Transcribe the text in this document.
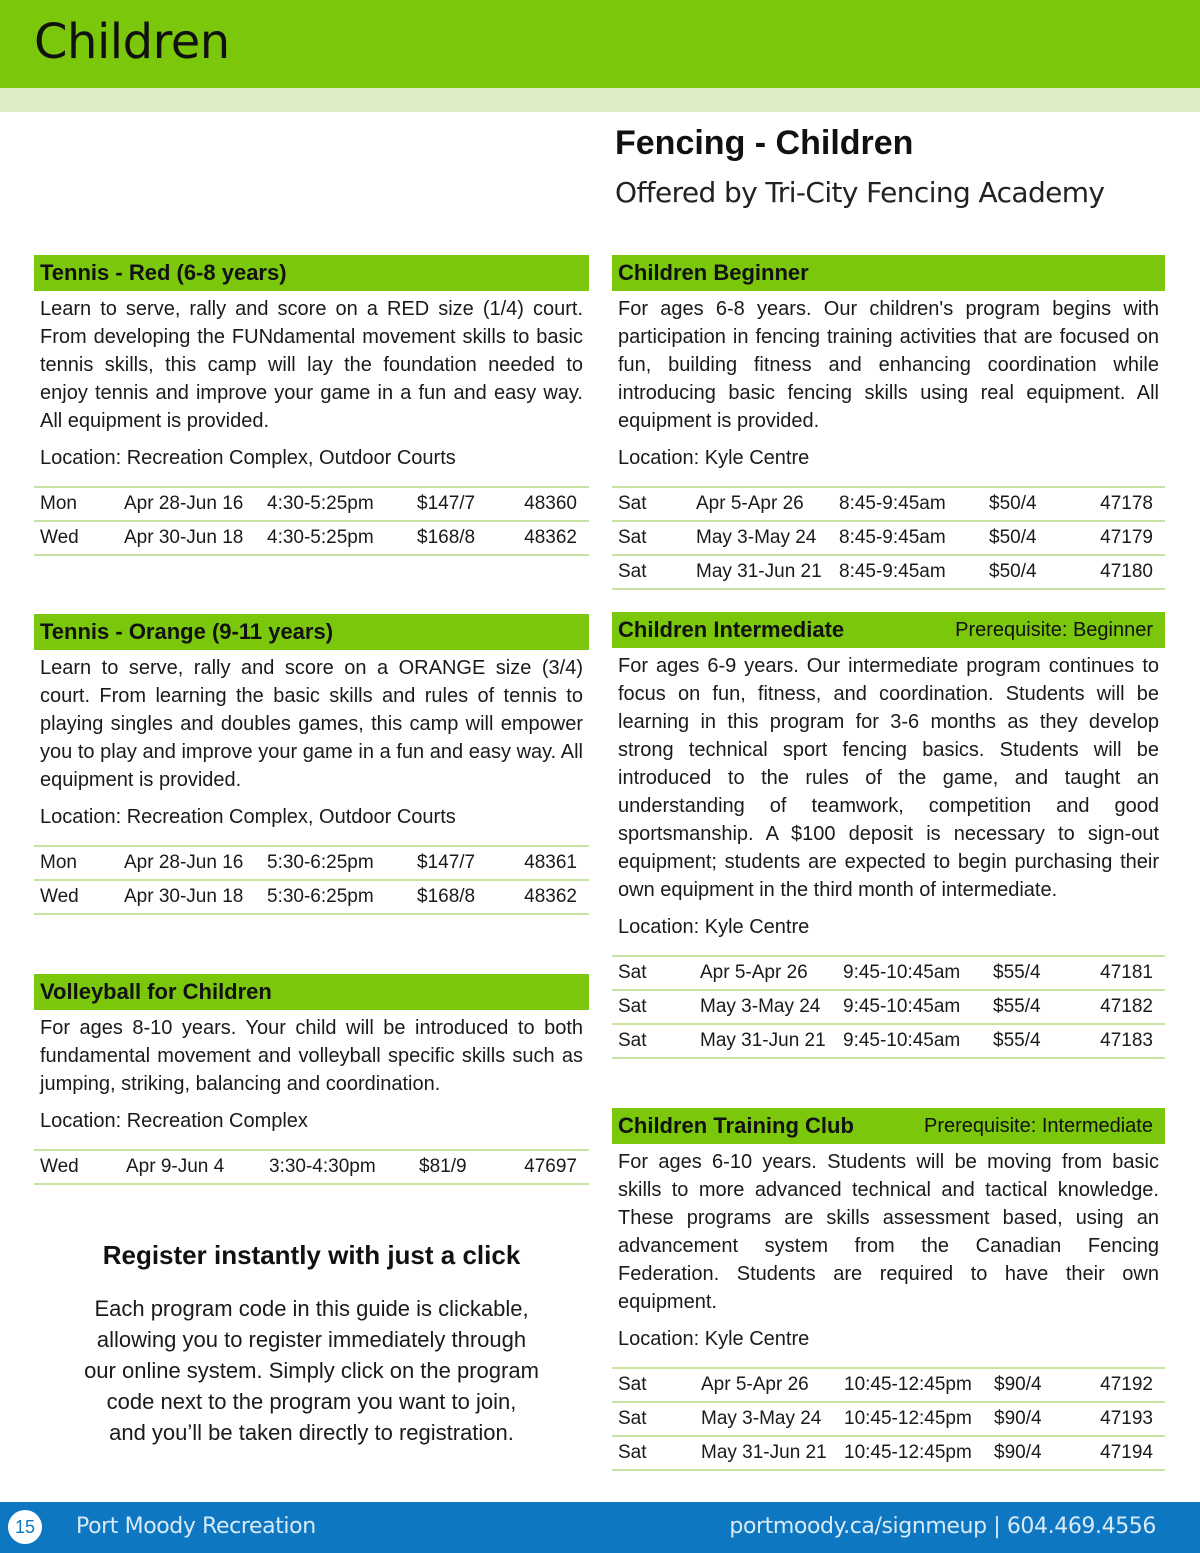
Children
Fencing - Children
Offered by Tri-City Fencing Academy
Tennis - Red (6-8 years)

Learn to serve, rally and score on a RED size (1/4) court. From developing the FUNdamental movement skills to basic tennis skills, this camp will lay the foundation needed to enjoy tennis and improve your game in a fun and easy way. All equipment is provided.

Location: Recreation Complex, Outdoor Courts

Mon	Apr 28-Jun 16	4:30-5:25pm	$147/7	48360
Wed	Apr 30-Jun 18	4:30-5:25pm	$168/8	48362
Tennis - Orange (9-11 years)

Learn to serve, rally and score on a ORANGE size (3/4) court. From learning the basic skills and rules of tennis to playing singles and doubles games, this camp will empower you to play and improve your game in a fun and easy way. All equipment is provided.

Location: Recreation Complex, Outdoor Courts

Mon	Apr 28-Jun 16	5:30-6:25pm	$147/7	48361
Wed	Apr 30-Jun 18	5:30-6:25pm	$168/8	48362
Volleyball for Children

For ages 8-10 years. Your child will be introduced to both fundamental movement and volleyball specific skills such as jumping, striking, balancing and coordination.

Location: Recreation Complex

Wed	Apr 9-Jun 4	3:30-4:30pm	$81/9	47697
Register instantly with just a click
Each program code in this guide is clickable,
allowing you to register immediately through
our online system. Simply click on the program
code next to the program you want to join,
and you’ll be taken directly to registration.
Children Beginner

For ages 6-8 years. Our children's program begins with participation in fencing training activities that are focused on fun, building fitness and enhancing coordination while introducing basic fencing skills using real equipment. All equipment is provided.

Location: Kyle Centre

Sat	Apr 5-Apr 26	8:45-9:45am	$50/4	47178
Sat	May 3-May 24	8:45-9:45am	$50/4	47179
Sat	May 31-Jun 21	8:45-9:45am	$50/4	47180
Children Intermediate	Prerequisite: Beginner

For ages 6-9 years. Our intermediate program continues to focus on fun, fitness, and coordination. Students will be learning in this program for 3-6 months as they develop strong technical sport fencing basics. Students will be introduced to the rules of the game, and taught an understanding of teamwork, competition and good sportsmanship. A $100 deposit is necessary to sign-out equipment; students are expected to begin purchasing their own equipment in the third month of intermediate.

Location: Kyle Centre

Sat	Apr 5-Apr 26	9:45-10:45am	$55/4	47181
Sat	May 3-May 24	9:45-10:45am	$55/4	47182
Sat	May 31-Jun 21	9:45-10:45am	$55/4	47183
Children Training Club	Prerequisite: Intermediate

For ages 6-10 years. Students will be moving from basic skills to more advanced technical and tactical knowledge. These programs are skills assessment based, using an advancement system from the Canadian Fencing Federation. Students are required to have their own equipment.

Location: Kyle Centre

Sat	Apr 5-Apr 26	10:45-12:45pm	$90/4	47192
Sat	May 3-May 24	10:45-12:45pm	$90/4	47193
Sat	May 31-Jun 21	10:45-12:45pm	$90/4	47194
15	Port Moody Recreation	portmoody.ca/signmeup | 604.469.4556
